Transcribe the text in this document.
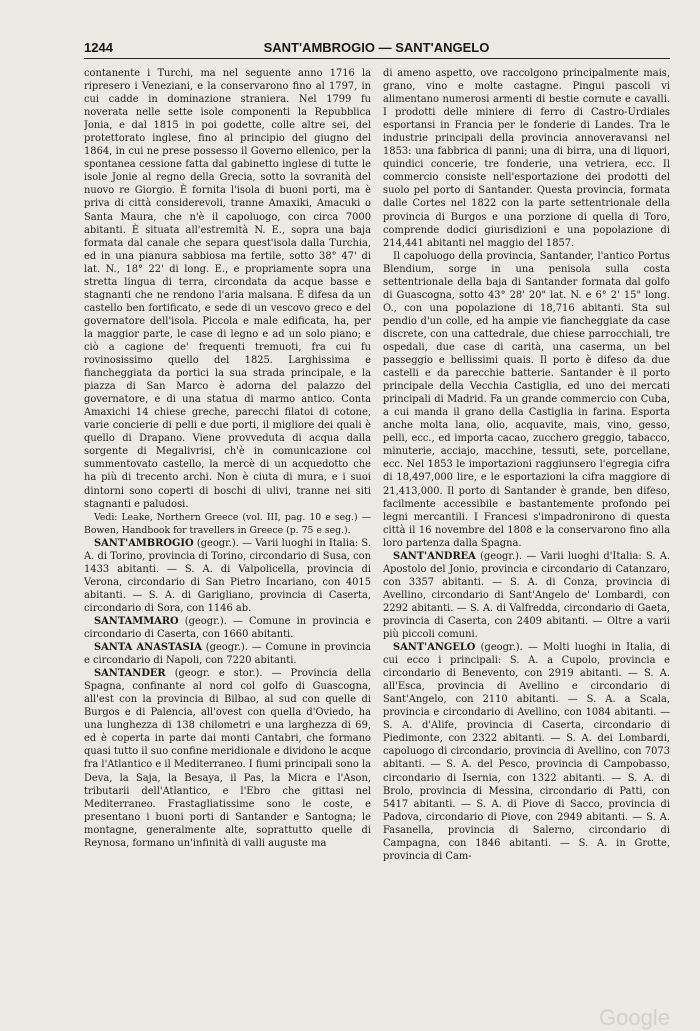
1244	SANT'AMBROGIO — SANT'ANGELO

contanente i Turchi, ma nel seguente anno 1716 la ripresero i Veneziani, e la conservarono fino al 1797, in cui cadde in dominazione straniera. Nel 1799 fu noverata nelle sette isole componenti la Repubblica Jonia, e dal 1815 in poi godette, colle altre sei, del protettorato inglese, fino al principio del giugno del 1864, in cui ne prese possesso il Governo ellenico, per la spontanea cessione fatta dal gabinetto inglese di tutte le isole Jonie al regno della Grecia, sotto la sovranità del nuovo re Giorgio. È fornita l'isola di buoni porti, ma è priva di città considerevoli, tranne Amaxiki, Amacuki o Santa Maura, che n'è il capoluogo, con circa 7000 abitanti. È situata all'estremità N. E., sopra una baja formata dal canale che separa quest'isola dalla Turchia, ed in una pianura sabbiosa ma fertile, sotto 38° 47' di lat. N., 18° 22' di long. E., e propriamente sopra una stretta lingua di terra, circondata da acque basse e stagnanti che ne rendono l'aria malsana. È difesa da un castello ben fortificato, e sede di un vescovo greco e del governatore dell'isola. Piccola e male edificata, ha, per la maggior parte, le case di legno e ad un solo piano; e ciò a cagione de' frequenti tremuoti, fra cui fu rovinosissimo quello del 1825. Larghissima e fiancheggiata da portici la sua strada principale, e la piazza di San Marco è adorna del palazzo del governatore, e di una statua di marmo antico. Conta Amaxichi 14 chiese greche, parecchi filatoi di cotone, varie concierie di pelli e due porti, il migliore dei quali è quello di Drapano. Viene provveduta di acqua dalla sorgente di Megalivrisi, ch'è in comunicazione col summentovato castello, la mercè di un acquedotto che ha più di trecento archi. Non è ciuta di mura, e i suoi dintorni sono coperti di boschi di ulivi, tranne nei siti stagnanti e paludosi.

Vedi: Leake, Northern Greece (vol. III, pag. 10 e seg.) — Bowen, Handbook for travellers in Greece (p. 75 e seg.).

SANT'AMBROGIO (geogr.). — Varii luoghi in Italia: S. A. di Torino, provincia di Torino, circondario di Susa, con 1433 abitanti. — S. A. di Valpolicella, provincia di Verona, circondario di San Pietro Incariano, con 4015 abitanti. — S. A. di Garigliano, provincia di Caserta, circondario di Sora, con 1146 ab.

SANTAMMARO (geogr.). — Comune in provincia e circondario di Caserta, con 1660 abitanti.

SANTA ANASTASIA (geogr.). — Comune in provincia e circondario di Napoli, con 7220 abitanti.

SANTANDER (geogr. e stor.). — Provincia della Spagna, confinante al nord col golfo di Guascogna, all'est con la provincia di Bilbao, al sud con quelle di Burgos e di Palencia, all'ovest con quella d'Oviedo, ha una lunghezza di 138 chilometri e una larghezza di 69, ed è coperta in parte dai monti Cantabri, che formano quasi tutto il suo confine meridionale e dividono le acque fra l'Atlantico e il Mediterraneo. I fiumi principali sono la Deva, la Saja, la Besaya, il Pas, la Micra e l'Ason, tributarii dell'Atlantico, e l'Ebro che gittasi nel Mediterraneo. Frastagliatissime sono le coste, e presentano i buoni porti di Santander e Santogna; le montagne, generalmente alte, soprattutto quelle di Reynosa, formano un'infinità di valli auguste ma

di ameno aspetto, ove raccolgono principalmente mais, grano, vino e molte castagne. Pingui pascoli vi alimentano numerosi armenti di bestie cornute e cavalli. I prodotti delle miniere di ferro di Castro-Urdiales esportansi in Francia per le fonderie di Landes. Tra le industrie principali della provincia annoveravansi nel 1853: una fabbrica di panni; una di birra, una di liquori, quindici concerie, tre fonderie, una vetriera, ecc. Il commercio consiste nell'esportazione dei prodotti del suolo pel porto di Santander. Questa provincia, formata dalle Cortes nel 1822 con la parte settentrionale della provincia di Burgos e una porzione di quella di Toro, comprende dodici giurisdizioni e una popolazione di 214,441 abitanti nel maggio del 1857.

Il capoluogo della provincia, Santander, l'antico Portus Blendium, sorge in una penisola sulla costa settentrionale della baja di Santander formata dal golfo di Guascogna, sotto 43° 28' 20" lat. N. e 6° 2' 15" long. O., con una popolazione di 18,716 abitanti. Sta sul pendio d'un colle, ed ha ampie vie fiancheggiate da case discrete, con una cattedrale, due chiese parrocchiali, tre ospedali, due case di carità, una caserma, un bel passeggio e bellissimi quais. Il porto è difeso da due castelli e da parecchie batterie. Santander è il porto principale della Vecchia Castiglia, ed uno dei mercati principali di Madrid. Fa un grande commercio con Cuba, a cui manda il grano della Castiglia in farina. Esporta anche molta lana, olio, acquavite, mais, vino, gesso, pelli, ecc., ed importa cacao, zucchero greggio, tabacco, minuterie, acciajo, macchine, tessuti, sete, porcellane, ecc. Nel 1853 le importazioni raggiunsero l'egregia cifra di 18,497,000 lire, e le esportazioni la cifra maggiore di 21,413,000. Il porto di Santander è grande, ben difeso, facilmente accessibile e bastantemente profondo pei legni mercantili. I Francesi s'impadronirono di questa città il 16 novembre del 1808 e la conservarono fino alla loro partenza dalla Spagna.

SANT'ANDREA (geogr.). — Varii luoghi d'Italia: S. A. Apostolo del Jonio, provincia e circondario di Catanzaro, con 3357 abitanti. — S. A. di Conza, provincia di Avellino, circondario di Sant'Angelo de' Lombardi, con 2292 abitanti. — S. A. di Valfredda, circondario di Gaeta, provincia di Caserta, con 2409 abitanti. — Oltre a varii più piccoli comuni.

SANT'ANGELO (geogr.). — Molti luoghi in Italia, di cui ecco i principali: S. A. a Cupolo, provincia e circondario di Benevento, con 2919 abitanti. — S. A. all'Esca, provincia di Avellino e circondario di Sant'Angelo, con 2110 abitanti. — S. A. a Scala, provincia e circondario di Avellino, con 1084 abitanti. — S. A. d'Alife, provincia di Caserta, circondario di Piedimonte, con 2322 abitanti. — S. A. dei Lombardi, capoluogo di circondario, provincia di Avellino, con 7073 abitanti. — S. A. del Pesco, provincia di Campobasso, circondario di Isernia, con 1322 abitanti. — S. A. di Brolo, provincia di Messina, circondario di Patti, con 5417 abitanti. — S. A. di Piove di Sacco, provincia di Padova, circondario di Piove, con 2949 abitanti. — S. A. Fasanella, provincia di Salerno, circondario di Campagna, con 1846 abitanti. — S. A. in Grotte, provincia di Cam-

Google
